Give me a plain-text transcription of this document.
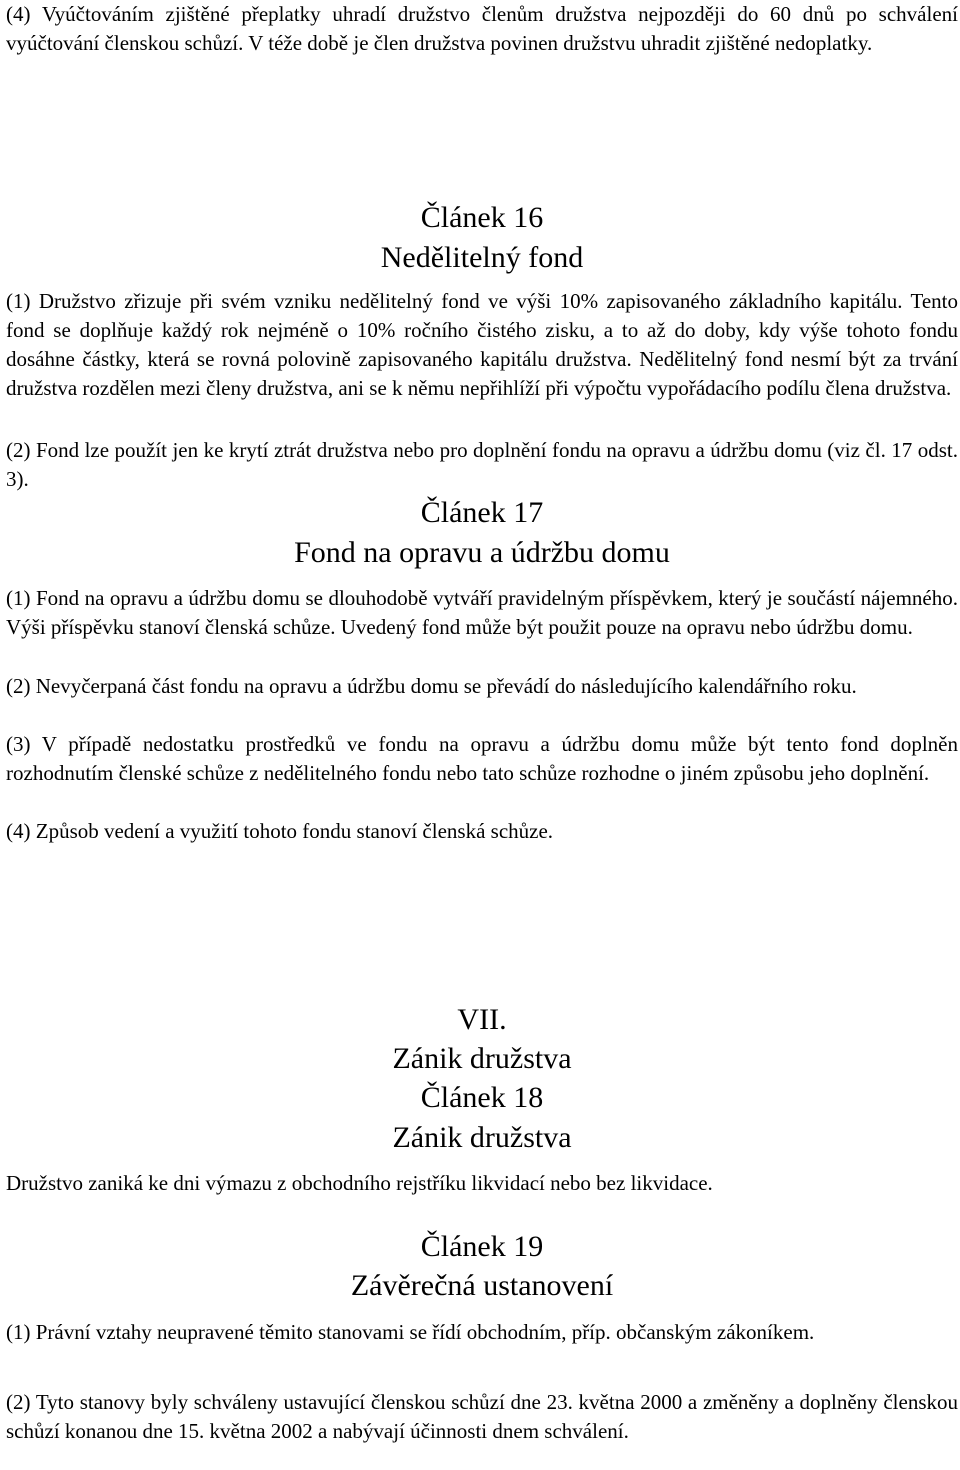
(4) Vyúčtováním zjištěné přeplatky uhradí družstvo členům družstva nejpozději do 60 dnů po schválení vyúčtování členskou schůzí. V téže době je člen družstva povinen družstvu uhradit zjištěné nedoplatky.

Článek 16
Nedělitelný fond

(1) Družstvo zřizuje při svém vzniku nedělitelný fond ve výši 10% zapisovaného základního kapitálu. Tento fond se doplňuje každý rok nejméně o 10% ročního čistého zisku, a to až do doby, kdy výše tohoto fondu dosáhne částky, která se rovná polovině zapisovaného kapitálu družstva. Nedělitelný fond nesmí být za trvání družstva rozdělen mezi členy družstva, ani se k němu nepřihlíží při výpočtu vypořádacího podílu člena družstva.

(2) Fond lze použít jen ke krytí ztrát družstva nebo pro doplnění fondu na opravu a údržbu domu (viz čl. 17 odst. 3).

Článek 17
Fond na opravu a údržbu domu

(1) Fond na opravu a údržbu domu se dlouhodobě vytváří pravidelným příspěvkem, který je součástí nájemného. Výši příspěvku stanoví členská schůze. Uvedený fond může být použit pouze na opravu nebo údržbu domu.

(2) Nevyčerpaná část fondu na opravu a údržbu domu se převádí do následujícího kalendářního roku.

(3) V případě nedostatku prostředků ve fondu na opravu a údržbu domu může být tento fond doplněn rozhodnutím členské schůze z nedělitelného fondu nebo tato schůze rozhodne o jiném způsobu jeho doplnění.

(4) Způsob vedení a využití tohoto fondu stanoví členská schůze.

VII.
Zánik družstva
Článek 18
Zánik družstva

Družstvo zaniká ke dni výmazu z obchodního rejstříku likvidací nebo bez likvidace.

Článek 19
Závěrečná ustanovení

(1) Právní vztahy neupravené těmito stanovami se řídí obchodním, příp. občanským zákoníkem.

(2) Tyto stanovy byly schváleny ustavující členskou schůzí dne 23. května 2000 a změněny a doplněny členskou schůzí konanou dne 15. května 2002 a nabývají účinnosti dnem schválení.
